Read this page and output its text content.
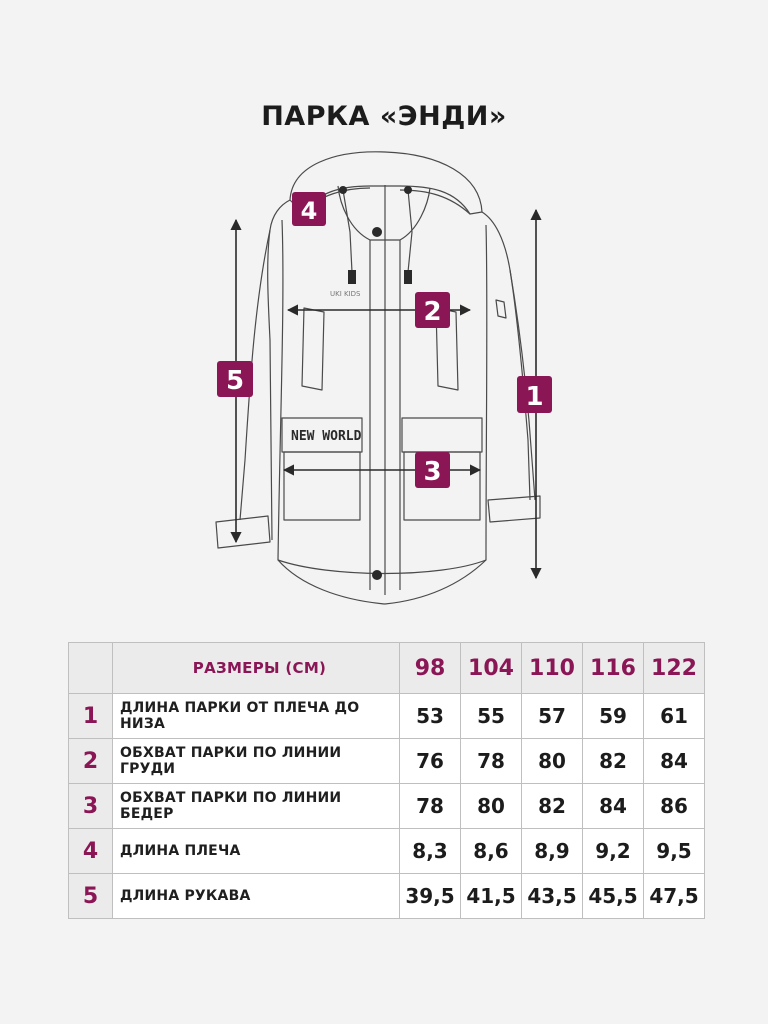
ПАРКА «ЭНДИ»
UKI KIDS
NEW WORLD
1
2
3
4
5
	РАЗМЕРЫ (СМ)	98	104	110	116	122
1	ДЛИНА ПАРКИ ОТ ПЛЕЧА ДО НИЗА	53	55	57	59	61
2	ОБХВАТ ПАРКИ ПО ЛИНИИ ГРУДИ	76	78	80	82	84
3	ОБХВАТ ПАРКИ ПО ЛИНИИ БЕДЕР	78	80	82	84	86
4	ДЛИНА ПЛЕЧА	8,3	8,6	8,9	9,2	9,5
5	ДЛИНА РУКАВА	39,5	41,5	43,5	45,5	47,5
